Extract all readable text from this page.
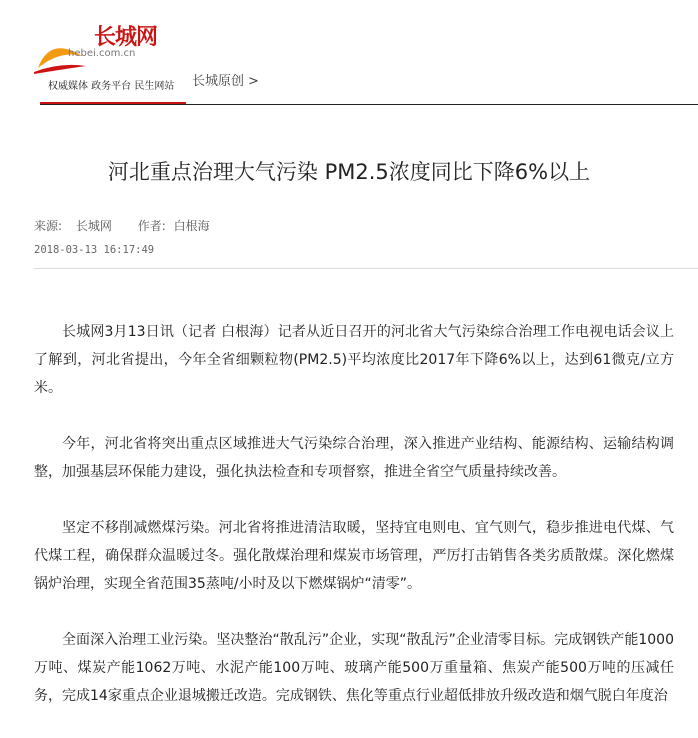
长城网
hebei.com.cn
权威媒体 政务平台 民生网站 长城原创 >
河北重点治理大气污染 PM2.5浓度同比下降6%以上
来源: 长城网 作者: 白根海
2018-03-13 16:17:49

长城网3月13日讯（记者 白根海）记者从近日召开的河北省大气污染综合治理工作电视电话会议上了解到，河北省提出，今年全省细颗粒物(PM2.5)平均浓度比2017年下降6%以上，达到61微克/立方米。

今年，河北省将突出重点区域推进大气污染综合治理，深入推进产业结构、能源结构、运输结构调整，加强基层环保能力建设，强化执法检查和专项督察，推进全省空气质量持续改善。

坚定不移削减燃煤污染。河北省将推进清洁取暖，坚持宜电则电、宜气则气，稳步推进电代煤、气代煤工程，确保群众温暖过冬。强化散煤治理和煤炭市场管理，严厉打击销售各类劣质散煤。深化燃煤锅炉治理，实现全省范围35蒸吨/小时及以下燃煤锅炉“清零”。

全面深入治理工业污染。坚决整治“散乱污”企业，实现“散乱污”企业清零目标。完成钢铁产能1000万吨、煤炭产能1062万吨、水泥产能100万吨、玻璃产能500万重量箱、焦炭产能500万吨的压减任务，完成14家重点企业退城搬迁改造。完成钢铁、焦化等重点行业超低排放升级改造和烟气脱白年度治
